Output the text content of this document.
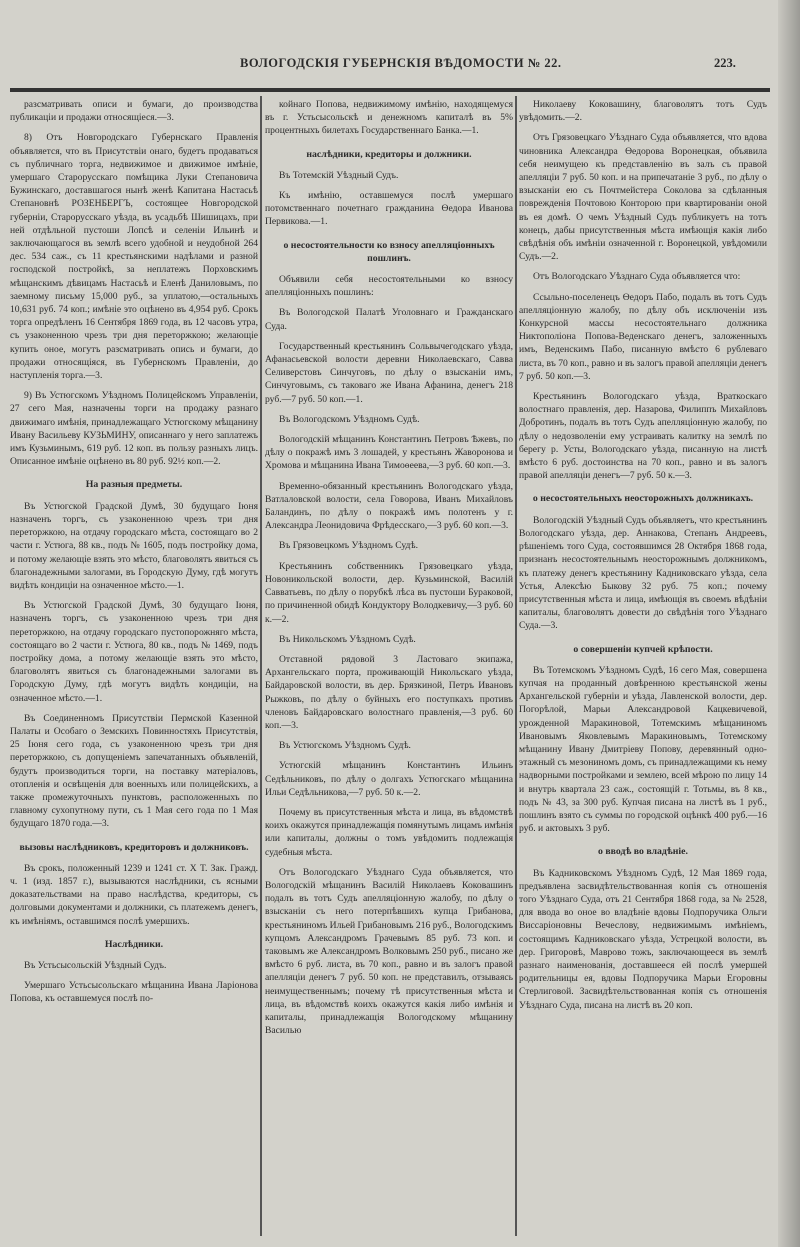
ВОЛОГОДСКІЯ ГУБЕРНСКІЯ ВѢДОМОСТИ № 22.	223.

разсматривать описи и бумаги, до производства публикаціи и продажи относящіеся.—3.

8) Отъ Новгородскаго Губернскаго Правленія объявляется, что въ Присутствіи онаго, будетъ продаваться съ публичнаго торга, недвижимое и движимое имѣніе, умершаго Старорусскаго помѣщика Луки Степановича Бужинскаго, доставшагося нынѣ женѣ Капитана Настасьѣ Степановнѣ РОЗЕНБЕРГЪ, состоящее Новгородской губерніи, Старорусскаго уѣзда, въ усадьбѣ Шишицахъ, при ней отдѣльной пустоши Лопсѣ и селеніи Ильинѣ и заключающагося въ землѣ всего удобной и неудобной 264 дес. 534 саж., съ 11 крестьянскими надѣлами и разной господской постройкѣ, за неплатежъ Порховскимъ мѣщанскимъ дѣвицамъ Настасьѣ и Еленѣ Даниловымъ, по заемному письму 15,000 руб., за уплатою,—остальныхъ 10,631 руб. 74 коп.; имѣніе это оцѣнено въ 4,954 руб. Срокъ торга опредѣленъ 16 Сентября 1869 года, въ 12 часовъ утра, съ узаконенною чрезъ три дня переторжкою; желающіе купить оное, могутъ разсматривать опись и бумаги, до продажи относящіяся, въ Губернскомъ Правленіи, до наступленія торга.—3.

9) Въ Устюгскомъ Уѣздномъ Полицейскомъ Управленіи, 27 сего Мая, назначены торги на продажу разнаго движимаго имѣнія, принадлежащаго Устюгскому мѣщанину Ивану Васильеву КУЗЬМИНУ, описаннаго у него заплатежъ имъ Кузьминымъ, 619 руб. 12 коп. въ пользу разныхъ лицъ. Описанное имѣніе оцѣнено въ 80 руб. 92½ коп.—2.

На разныя предметы.

Въ Устюгской Градской Думѣ, 30 будущаго Іюня назначенъ торгъ, съ узаконенною чрезъ три дня переторжкою, на отдачу городскаго мѣста, состоящаго во 2 части г. Устюга, 88 кв., подъ № 1605, подъ постройку дома, и потому желающіе взять это мѣсто, благоволятъ явиться съ благонадежными залогами, въ Городскую Думу, гдѣ могутъ видѣть кондиціи на означенное мѣсто.—1.

Въ Устюгской Градской Думѣ, 30 будущаго Іюня, назначенъ торгъ, съ узаконенною чрезъ три дня переторжкою, на отдачу городскаго пустопорожняго мѣста, состоящаго во 2 части г. Устюга, 80 кв., подъ № 1469, подъ постройку дома, а потому желающіе взять это мѣсто, благоволятъ явиться съ благонадежными залогами въ Городскую Думу, гдѣ могутъ видѣть кондиціи, на означенное мѣсто.—1.

Въ Соединенномъ Присутствіи Пермской Казенной Палаты и Особаго о Земскихъ Повинностяхъ Присутствія, 25 Іюня сего года, съ узаконенною чрезъ три дня переторжкою, съ допущеніемъ запечатанныхъ объявленій, будутъ производиться торги, на поставку матеріаловъ, отопленія и освѣщенія для военныхъ или полицейскихъ, а также промежуточныхъ пунктовъ, расположенныхъ по главному сухопутному пути, съ 1 Мая сего года по 1 Мая будущаго 1870 года.—3.

вызовы наслѣдниковъ, кредиторовъ и должниковъ.

Въ срокъ, положенный 1239 и 1241 ст. X Т. Зак. Гражд. ч. 1 (изд. 1857 г.), вызываются наслѣдники, съ ясными доказательствами на право наслѣдства, кредиторы, съ долговыми документами и должники, съ платежемъ денегъ, къ имѣніямъ, оставшимся послѣ умершихъ.

Наслѣдники.

Въ Устьсысольскій Уѣздный Судъ.

Умершаго Устьсысольскаго мѣщанина Ивана Ларіонова Попова, къ оставшемуся послѣ по-

койнаго Попова, недвижимому имѣнію, находящемуся въ г. Устьсысольскѣ и денежномъ капиталѣ въ 5% процентныхъ билетахъ Государственнаго Банка.—1.

наслѣдники, кредиторы и должники.

Въ Тотемскій Уѣздный Судъ.

Къ имѣнію, оставшемуся послѣ умершаго потомственнаго почетнаго гражданина Ѳедора Иванова Первикова.—1.

о несостоятельности ко взносу апелляціонныхъ пошлинъ.

Объявили себя несостоятельными ко взносу апелляціонныхъ пошлинъ:

Въ Вологодской Палатѣ Уголовнаго и Гражданскаго Суда.

Государственный крестьянинъ Сольвычегодскаго уѣзда, Афанасьевской волости деревни Николаевскаго, Савва Селиверстовъ Синчуговъ, по дѣлу о взысканіи имъ, Синчуговымъ, съ таковаго же Ивана Афанина, денегъ 218 руб.—7 руб. 50 коп.—1.

Въ Вологодскомъ Уѣздномъ Судѣ.

Вологодскій мѣщанинъ Константинъ Петровъ Ѣжевъ, по дѣлу о покражѣ имъ 3 лошадей, у крестьянъ Жаворонова и Хромова и мѣщанина Ивана Тимоѳеева,—3 руб. 60 коп.—3.

Временно-обязанный крестьянинъ Вологодскаго уѣзда, Ватлаловской волости, села Говорова, Иванъ Михайловъ Баландинъ, по дѣлу о покражѣ имъ полотенъ у г. Александра Леонидовича Фрѣдесскаго,—3 руб. 60 коп.—3.

Въ Грязовецкомъ Уѣздномъ Судѣ.

Крестьянинъ собственникъ Грязовецкаго уѣзда, Новоникольской волости, дер. Кузьминской, Василій Савватьевъ, по дѣлу о порубкѣ лѣса въ пустоши Бураковой, по причиненной обидѣ Кондуктору Володкевичу,—3 руб. 60 к.—2.

Въ Никольскомъ Уѣздномъ Судѣ.

Отставной рядовой 3 Ластоваго экипажа, Архангельскаго порта, проживающій Никольскаго уѣзда, Байдаровской волости, въ дер. Брязкиной, Петръ Ивановъ Рыжковъ, по дѣлу о буйныхъ его поступкахъ противъ членовъ Байдаровскаго волостнаго правленія,—3 руб. 60 коп.—3.

Въ Устюгскомъ Уѣздномъ Судѣ.

Устюгскій мѣщанинъ Константинъ Ильинъ Седѣльниковъ, по дѣлу о долгахъ Устюгскаго мѣщанина Ильи Седѣльникова,—7 руб. 50 к.—2.

Почему въ присутственныя мѣста и лица, въ вѣдомствѣ коихъ окажутся принадлежащія помянутымъ лицамъ имѣнія или капиталы, должны о томъ увѣдомить подлежащія судебныя мѣста.

Отъ Вологодскаго Уѣзднаго Суда объявляется, что Вологодскій мѣщанинъ Василій Николаевъ Коковашинъ подалъ въ тотъ Судъ апелляціонную жалобу, по дѣлу о взысканіи съ него потерпѣвшихъ купца Грибанова, крестьяниномъ Ильей Грибановымъ 216 руб., Вологодскимъ купцомъ Александромъ Грачевымъ 85 руб. 73 коп. и таковымъ же Александромъ Волковымъ 250 руб., писано же вмѣсто 6 руб. листа, въ 70 коп., равно и въ залогъ правой апелляціи денегъ 7 руб. 50 коп. не представилъ, отзываясь неимущественнымъ; почему тѣ присутственныя мѣста и лица, въ вѣдомствѣ коихъ окажутся какія либо имѣнія и капиталы, принадлежащія Вологодскому мѣщанину Василью

Николаеву Коковашину, благоволятъ тотъ Судъ увѣдомить.—2.

Отъ Грязовецкаго Уѣзднаго Суда объявляется, что вдова чиновника Александра Ѳедорова Воронецкая, объявила себя неимущею къ представленію въ залъ съ правой апелляціи 7 руб. 50 коп. и на припечатаніе 3 руб., по дѣлу о взысканіи ею съ Почтмейстера Соколова за сдѣланныя поврежденія Почтовою Конторою при квартированіи оной въ ея домѣ. О чемъ Уѣздный Судъ публикуетъ на тотъ конецъ, дабы присутственныя мѣста имѣющія какія либо свѣдѣнія объ имѣніи означенной г. Воронецкой, увѣдомили Судъ.—2.

Отъ Вологодскаго Уѣзднаго Суда объявляется что:

Ссыльно-поселенецъ Ѳедоръ Пабо, подалъ въ тотъ Судъ апелляціонную жалобу, по дѣлу объ исключеніи изъ Конкурсной массы несостоятельнаго должника Никтополіона Попова-Веденскаго денегъ, заложенныхъ имъ, Веденскимъ Пабо, писанную вмѣсто 6 рублеваго листа, въ 70 коп., равно и въ залогъ правой апелляціи денегъ 7 руб. 50 коп.—3.

Крестьянинъ Вологодскаго уѣзда, Враткоскаго волостнаго правленія, дер. Назарова, Филиппъ Михайловъ Добротинъ, подалъ въ тотъ Судъ апелляціонную жалобу, по дѣлу о недозволеніи ему устраивать калитку на землѣ по берегу р. Усты, Вологодскаго уѣзда, писанную на листѣ вмѣсто 6 руб. достоинства на 70 коп., равно и въ залогъ правой апелляціи денегъ—7 руб. 50 к.—3.

о несостоятельныхъ неосторожныхъ должникахъ.

Вологодскій Уѣздный Судъ объявляетъ, что крестьянинъ Вологодскаго уѣзда, дер. Аннакова, Степанъ Андреевъ, рѣшеніемъ того Суда, состоявшимся 28 Октября 1868 года, признанъ несостоятельнымъ неосторожнымъ должникомъ, къ платежу денегъ крестьянину Кадниковскаго уѣзда, села Устья, Алексѣю Быкову 32 руб. 75 коп.; почему присутственныя мѣста и лица, имѣющія въ своемъ вѣдѣніи капиталы, благоволятъ довести до свѣдѣнія того Уѣзднаго Суда.—3.

о совершеніи купчей крѣпости.

Въ Тотемскомъ Уѣздномъ Судѣ, 16 сего Мая, совершена купчая на проданный довѣренною крестьянской жены Архангельской губерніи и уѣзда, Лавленской волости, дер. Погорѣлой, Марьи Александровой Кацкевичевой, урожденной Маракиновой, Тотемскимъ мѣщаниномъ Ивановымъ Яковлевымъ Маракиновымъ, Тотемскому мѣщанину Ивану Дмитріеву Попову, деревянный одно-этажный съ мезониномъ домъ, съ принадлежащими къ нему надворными постройками и землею, всей мѣрою по лицу 14 и внутрь квартала 23 саж., состоящій г. Тотьмы, въ 8 кв., подъ № 43, за 300 руб. Купчая писана на листѣ въ 1 руб., пошлинъ взято съ суммы по городской оцѣнкѣ 400 руб.—16 руб. и актовыхъ 3 руб.

о вводѣ во владѣніе.

Въ Кадниковскомъ Уѣздномъ Судѣ, 12 Мая 1869 года, предъявлена засвидѣтельствованная копія съ отношенія того Уѣзднаго Суда, отъ 21 Сентября 1868 года, за № 2528, для ввода во оное во владѣніе вдовы Подпоручика Ольги Виссаріоновны Вечеслову, недвижимымъ имѣніемъ, состоящимъ Кадниковскаго уѣзда, Устрецкой волости, въ дер. Григоровѣ, Маврово тожъ, заключающееся въ землѣ разнаго наименованія, доставшееся ей послѣ умершей родительницы ея, вдовы Подпоручика Марьи Егоровны Стерлиговой. Засвидѣтельствованная копія съ отношенія Уѣзднаго Суда, писана на листѣ въ 20 коп.
